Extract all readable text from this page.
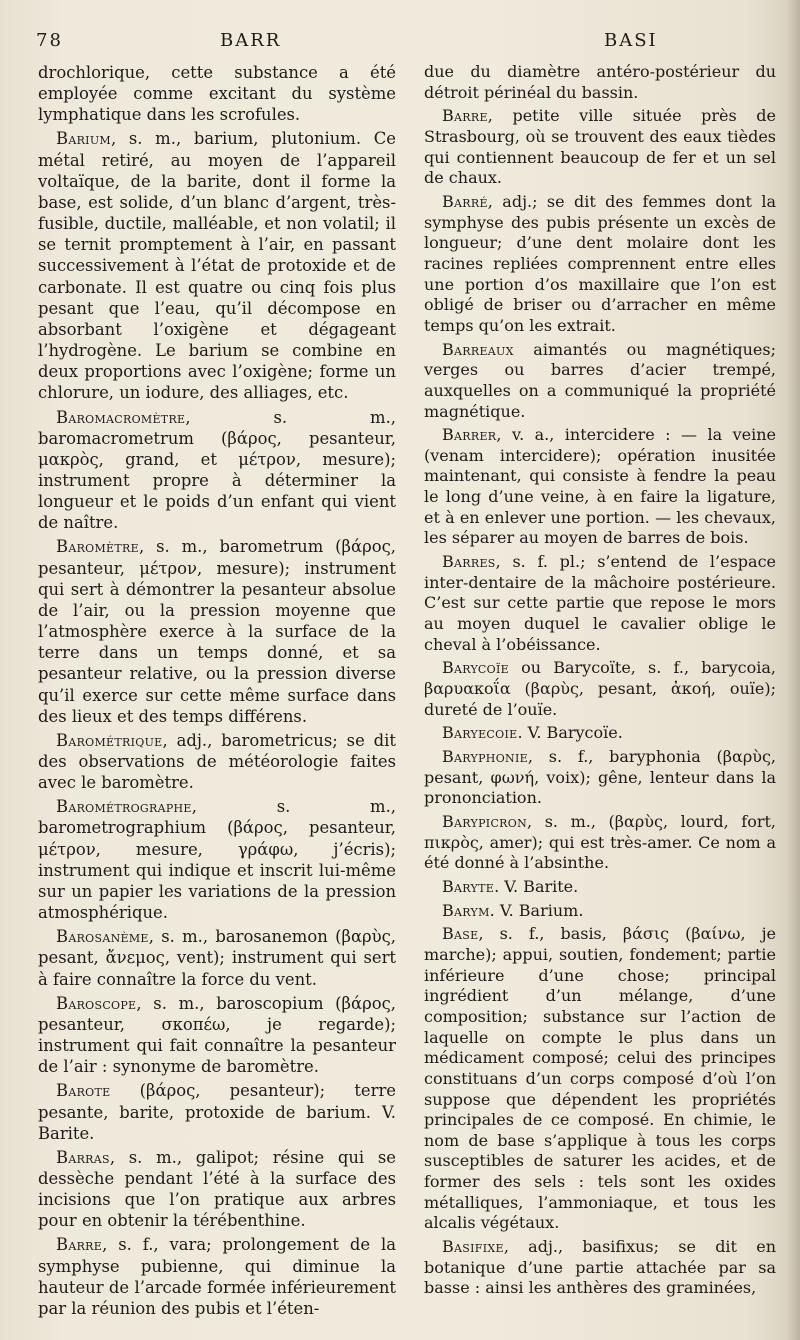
78	BARR	BASI

drochlorique, cette substance a été employée comme excitant du système lymphatique dans les scrofules.

Barium, s. m., barium, plutonium. Ce métal retiré, au moyen de l’appareil voltaïque, de la barite, dont il forme la base, est solide, d’un blanc d’argent, très-fusible, ductile, malléable, et non volatil; il se ternit promptement à l’air, en passant successivement à l’état de protoxide et de carbonate. Il est quatre ou cinq fois plus pesant que l’eau, qu’il décompose en absorbant l’oxigène et dégageant l’hydrogène. Le barium se combine en deux proportions avec l’oxigène; forme un chlorure, un iodure, des alliages, etc.

Baromacromètre, s. m., baromacrometrum (βάρος, pesanteur, μακρὸς, grand, et μέτρον, mesure); instrument propre à déterminer la longueur et le poids d’un enfant qui vient de naître.

Baromètre, s. m., barometrum (βάρος, pesanteur, μέτρον, mesure); instrument qui sert à démontrer la pesanteur absolue de l’air, ou la pression moyenne que l’atmosphère exerce à la surface de la terre dans un temps donné, et sa pesanteur relative, ou la pression diverse qu’il exerce sur cette même surface dans des lieux et des temps différens.

Barométrique, adj., barometricus; se dit des observations de météorologie faites avec le baromètre.

Barométrographe, s. m., barometrographium (βάρος, pesanteur, μέτρον, mesure, γράφω, j’écris); instrument qui indique et inscrit lui-même sur un papier les variations de la pression atmosphérique.

Barosanème, s. m., barosanemon (βαρὺς, pesant, ἄνεμος, vent); instrument qui sert à faire connaître la force du vent.

Baroscope, s. m., baroscopium (βάρος, pesanteur, σκοπέω, je regarde); instrument qui fait connaître la pesanteur de l’air : synonyme de baromètre.

Barote (βάρος, pesanteur); terre pesante, barite, protoxide de barium. V. Barite.

Barras, s. m., galipot; résine qui se dessèche pendant l’été à la surface des incisions que l’on pratique aux arbres pour en obtenir la térébenthine.

Barre, s. f., vara; prolongement de la symphyse pubienne, qui diminue la hauteur de l’arcade formée inférieurement par la réunion des pubis et l’éten-

due du diamètre antéro-postérieur du détroit périnéal du bassin.

Barre, petite ville située près de Strasbourg, où se trouvent des eaux tièdes qui contiennent beaucoup de fer et un sel de chaux.

Barré, adj.; se dit des femmes dont la symphyse des pubis présente un excès de longueur; d’une dent molaire dont les racines repliées comprennent entre elles une portion d’os maxillaire que l’on est obligé de briser ou d’arracher en même temps qu’on les extrait.

Barreaux aimantés ou magnétiques; verges ou barres d’acier trempé, auxquelles on a communiqué la propriété magnétique.

Barrer, v. a., intercidere : — la veine (venam intercidere); opération inusitée maintenant, qui consiste à fendre la peau le long d’une veine, à en faire la ligature, et à en enlever une portion. — les chevaux, les séparer au moyen de barres de bois.

Barres, s. f. pl.; s’entend de l’espace inter-dentaire de la mâchoire postérieure. C’est sur cette partie que repose le mors au moyen duquel le cavalier oblige le cheval à l’obéissance.

Barycoïe ou Barycoïte, s. f., barycoia, βαρυακοΐα (βαρὺς, pesant, ἀκοή, ouïe); dureté de l’ouïe.

Baryecoie. V. Barycoïe.

Baryphonie, s. f., baryphonia (βαρὺς, pesant, φωνή, voix); gêne, lenteur dans la prononciation.

Barypicron, s. m., (βαρὺς, lourd, fort, πικρὸς, amer); qui est très-amer. Ce nom a été donné à l’absinthe.

Baryte. V. Barite.

Barym. V. Barium.

Base, s. f., basis, βάσις (βαίνω, je marche); appui, soutien, fondement; partie inférieure d’une chose; principal ingrédient d’un mélange, d’une composition; substance sur l’action de laquelle on compte le plus dans un médicament composé; celui des principes constituans d’un corps composé d’où l’on suppose que dépendent les propriétés principales de ce composé. En chimie, le nom de base s’applique à tous les corps susceptibles de saturer les acides, et de former des sels : tels sont les oxides métalliques, l’ammoniaque, et tous les alcalis végétaux.

Basifixe, adj., basifixus; se dit en botanique d’une partie attachée par sa basse : ainsi les anthères des graminées,
